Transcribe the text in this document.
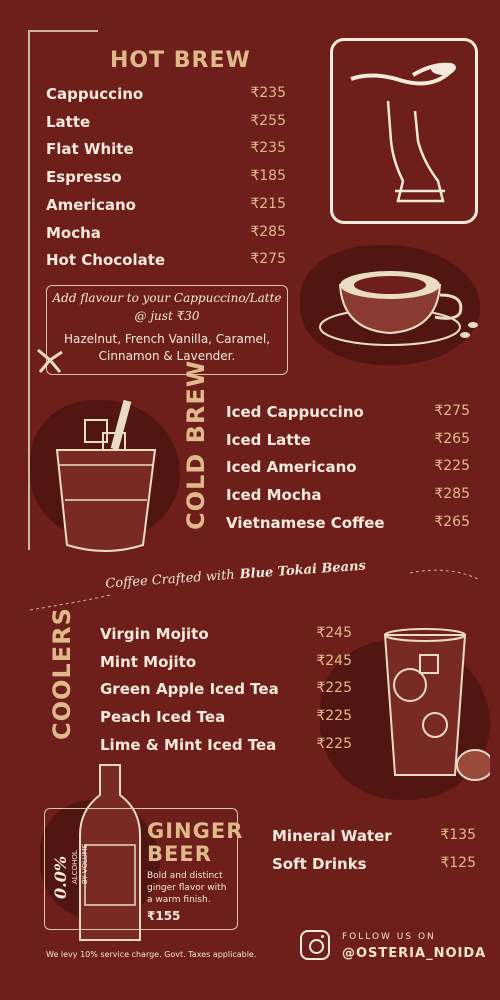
HOT BREW
Cappuccino	₹235
Latte	₹255
Flat White	₹235
Espresso	₹185
Americano	₹215
Mocha	₹285
Hot Chocolate	₹275
Add flavour to your Cappuccino/Latte
@ just ₹30
Hazelnut, French Vanilla, Caramel,
Cinnamon & Lavender.
COLD BREW Iced Cappuccino	₹275
Iced Latte	₹265
Iced Americano	₹225
Iced Mocha	₹285
Vietnamese Coffee	₹265
Coffee Crafted with Blue Tokai Beans
COOLERS Virgin Mojito	₹245
Mint Mojito	₹245
Green Apple Iced Tea	₹225
Peach Iced Tea	₹225
Lime & Mint Iced Tea	₹225
GINGER
BEER
Bold and distinct
ginger flavor with
a warm finish.
₹155
0.0% ALCOHOL BY VOLUME
Mineral Water	₹135
Soft Drinks	₹125
We levy 10% service charge. Govt. Taxes applicable.
FOLLOW US ON
@OSTERIA_NOIDA
